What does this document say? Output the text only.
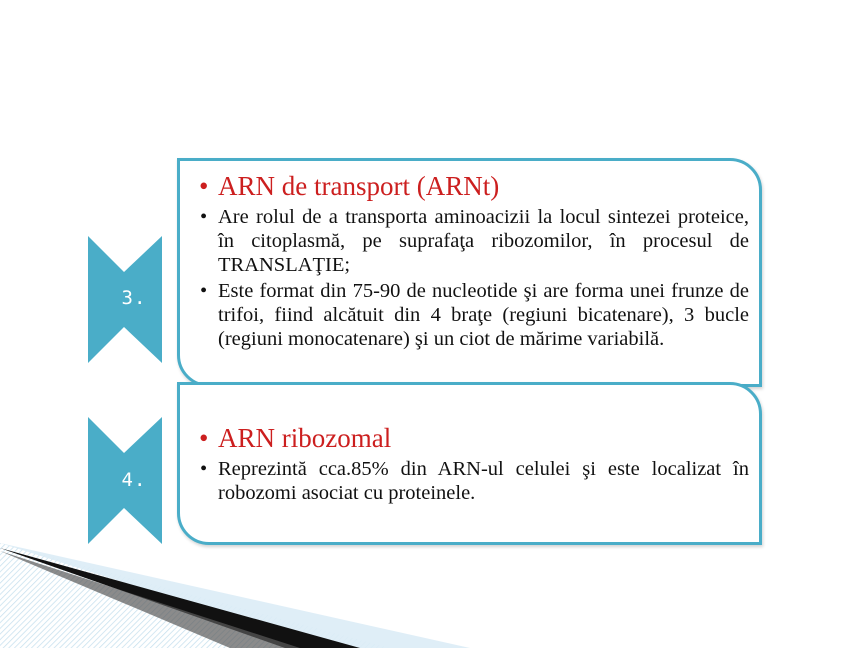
3.
4.
• ARN de transport (ARNt)
• Are rolul de a transporta aminoacizii la locul sintezei proteice, în citoplasmă, pe suprafaţa ribozomilor, în procesul de TRANSLAŢIE;
• Este format din 75-90 de nucleotide şi are forma unei frunze de trifoi, fiind alcătuit din 4 braţe (regiuni bicatenare), 3 bucle (regiuni monocatenare) şi un ciot de mărime variabilă.
• ARN ribozomal
• Reprezintă cca.85% din ARN-ul celulei şi este localizat în robozomi asociat cu proteinele.
